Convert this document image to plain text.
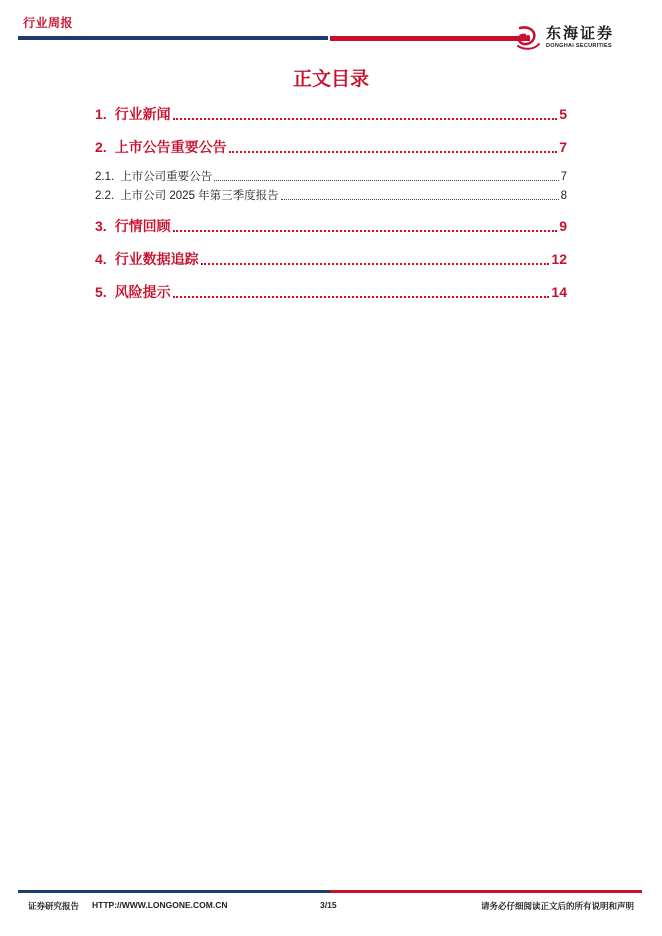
行业周报
东海证券
DONGHAI SECURITIES
正文目录
1. 行业新闻	5
2. 上市公告重要公告	7
2.1. 上市公司重要公告	7
2.2. 上市公司 2025 年第三季度报告	8
3. 行情回顾	9
4. 行业数据追踪	12
5. 风险提示	14
证券研究报告 HTTP://WWW.LONGONE.COM.CN	3/15	请务必仔细阅读正文后的所有说明和声明
